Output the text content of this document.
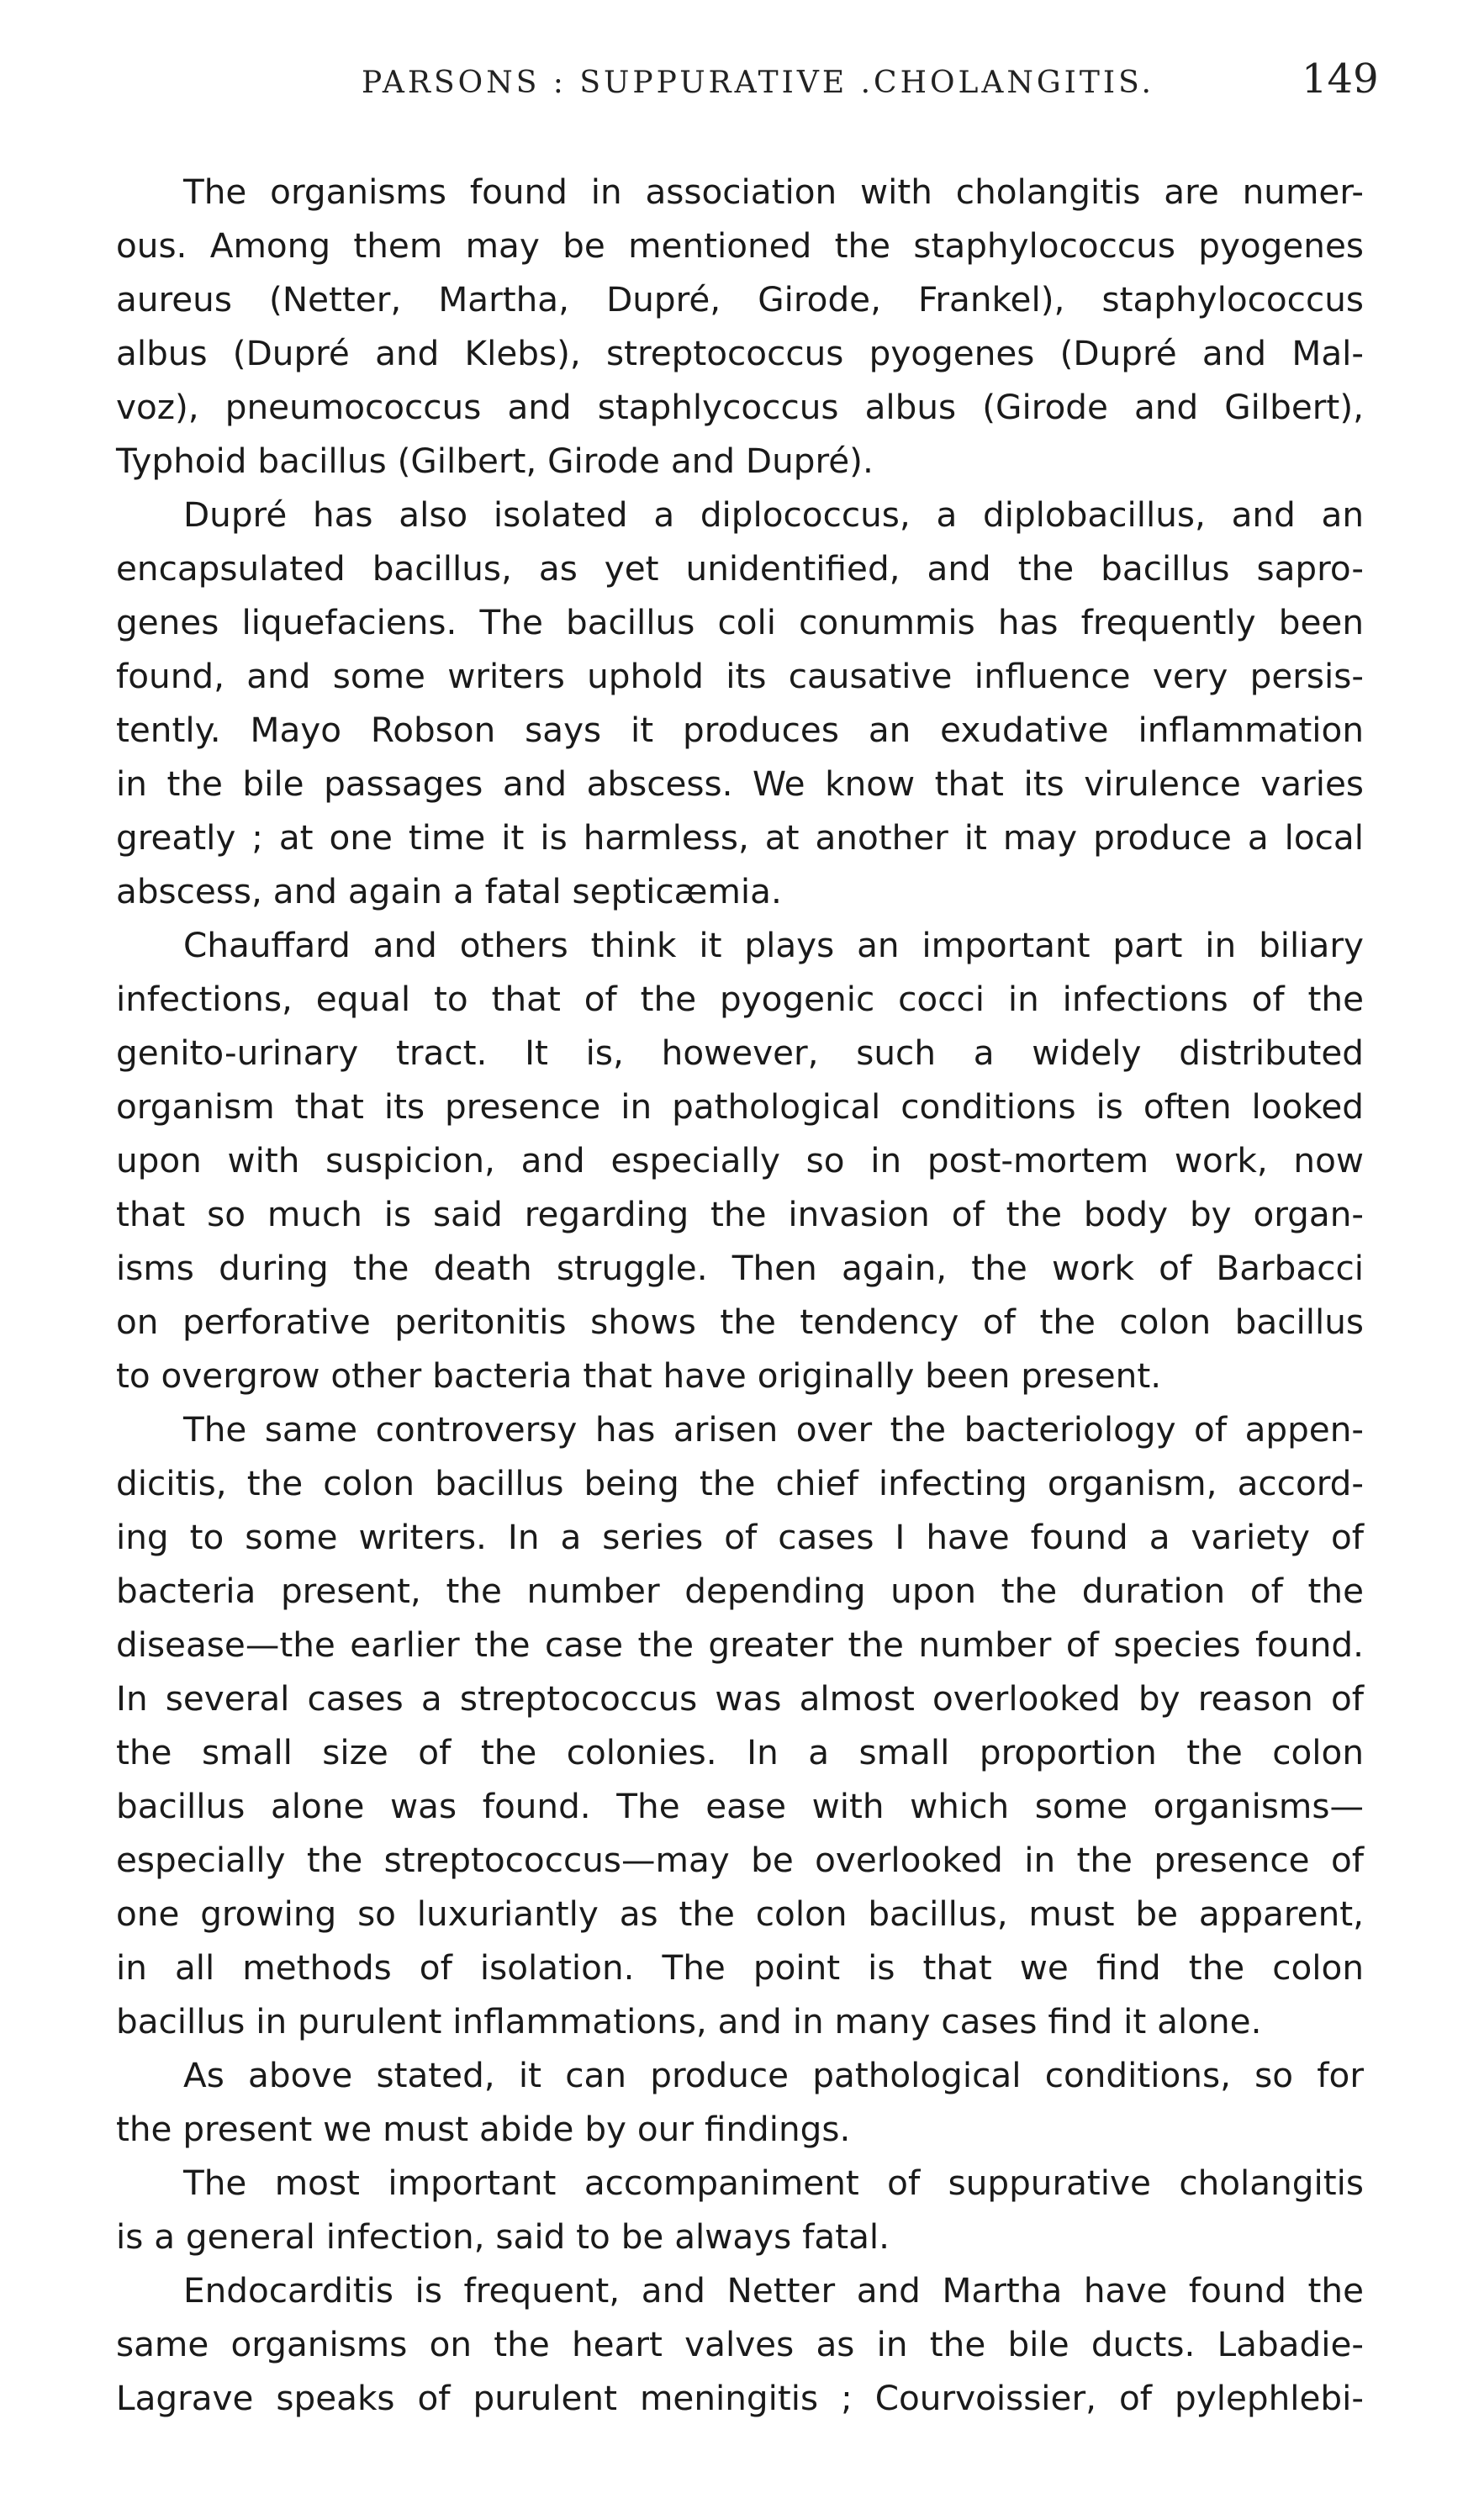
PARSONS : SUPPURATIVE .CHOLANGITIS.	149
The organisms found in association with cholangitis are numer-
ous. Among them may be mentioned the staphylococcus pyogenes
aureus (Netter, Martha, Dupré, Girode, Frankel), staphylococcus
albus (Dupré and Klebs), streptococcus pyogenes (Dupré and Mal-
voz), pneumococcus and staphlycoccus albus (Girode and Gilbert),
Typhoid bacillus (Gilbert, Girode and Dupré).
Dupré has also isolated a diplococcus, a diplobacillus, and an
encapsulated bacillus, as yet unidentified, and the bacillus sapro-
genes liquefaciens. The bacillus coli conummis has frequently been
found, and some writers uphold its causative influence very persis-
tently. Mayo Robson says it produces an exudative inflammation
in the bile passages and abscess. We know that its virulence varies
greatly ; at one time it is harmless, at another it may produce a local
abscess, and again a fatal septicæmia.
Chauffard and others think it plays an important part in biliary
infections, equal to that of the pyogenic cocci in infections of the
genito-urinary tract. It is, however, such a widely distributed
organism that its presence in pathological conditions is often looked
upon with suspicion, and especially so in post-mortem work, now
that so much is said regarding the invasion of the body by organ-
isms during the death struggle. Then again, the work of Barbacci
on perforative peritonitis shows the tendency of the colon bacillus
to overgrow other bacteria that have originally been present.
The same controversy has arisen over the bacteriology of appen-
dicitis, the colon bacillus being the chief infecting organism, accord-
ing to some writers. In a series of cases I have found a variety of
bacteria present, the number depending upon the duration of the
disease—the earlier the case the greater the number of species found.
In several cases a streptococcus was almost overlooked by reason of
the small size of the colonies. In a small proportion the colon
bacillus alone was found. The ease with which some organisms—
especially the streptococcus—may be overlooked in the presence of
one growing so luxuriantly as the colon bacillus, must be apparent,
in all methods of isolation. The point is that we find the colon
bacillus in purulent inflammations, and in many cases find it alone.
As above stated, it can produce pathological conditions, so for
the present we must abide by our findings.
The most important accompaniment of suppurative cholangitis
is a general infection, said to be always fatal.
Endocarditis is frequent, and Netter and Martha have found the
same organisms on the heart valves as in the bile ducts. Labadie-
Lagrave speaks of purulent meningitis ; Courvoissier, of pylephlebi-
